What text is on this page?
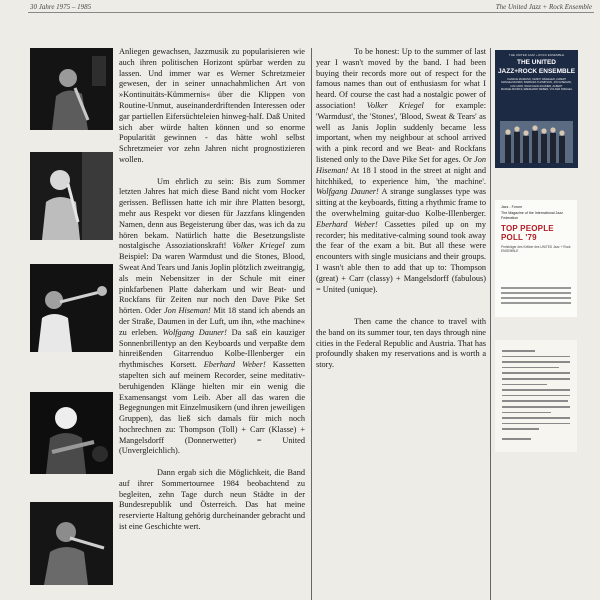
30 Jahre 1975 – 1985	The United Jazz + Rock Ensemble

Anliegen gewachsen, Jazzmusik zu popularisieren wie auch ihren politischen Horizont spürbar werden zu lassen. Und immer war es Werner Schretzmeier gewesen, der in seiner unnachahmlichen Art von »Kontinuitäts-Kümmernis« über die Klippen von Routine-Unmut, auseinanderdriftenden Interessen oder gar partiellen Eifersüchteleien hinweg-half. Daß United sich aber würde halten können und so enorme Popularität gewinnen - das hätte wohl selbst Schretzmeier vor zehn Jahren nicht prognostizieren wollen.

Um ehrlich zu sein: Bis zum Sommer letzten Jahres hat mich diese Band nicht vom Hocker gerissen. Beflissen hatte ich mir ihre Platten besorgt, mehr aus Respekt vor diesen für Jazzfans klingenden Namen, denn aus Begeisterung über das, was ich da zu hören bekam. Natürlich hatte die Besetzungsliste nostalgische Assoziationskraft! Volker Kriegel zum Beispiel: Da waren Warmdust und die Stones, Blood, Sweat And Tears und Janis Joplin plötzlich zweitrangig, als mein Nebensitzer in der Schule mit einer pinkfarbenen Platte daherkam und wir Beat- und Rockfans für Zeiten nur noch den Dave Pike Set hörten. Oder Jon Hiseman! Mit 18 stand ich abends an der Straße, Daumen in der Luft, um ihn, »the machine« zu erleben. Wolfgang Dauner! Da saß ein kauziger Sonnenbrillentyp an den Keyboards und verpaßte dem hinreißenden Gitarrenduo Kolbe-Illenberger ein rhythmisches Korsett. Eberhard Weber! Kassetten stapelten sich auf meinem Recorder, seine meditativ-beruhigenden Klänge hielten mir ein wenig die Examensangst vom Leib. Aber all das waren die Begegnungen mit Einzelmusikern (und ihren jeweiligen Gruppen), das ließ sich damals für mich noch hochrechnen zu: Thompson (Toll) + Carr (Klasse) + Mangelsdorff (Donnerwetter) = United (Unvergleichlich).

Dann ergab sich die Möglichkeit, die Band auf ihrer Sommertournee 1984 beobachtend zu begleiten, zehn Tage durch neun Städte in der Bundesrepublik und Österreich. Das hat meine reservierte Haltung gehörig durcheinander gebracht und ist eine Geschichte wert.

To be honest: Up to the summer of last year I wasn't moved by the band. I had been buying their records more out of respect for the famous names than out of enthusiasm for what I heard. Of course the cast had a nostalgic power of association! Volker Kriegel for example: 'Warmdust', the 'Stones', 'Blood, Sweat & Tears' as well as Janis Joplin suddenly became less important, when my neighbour at school arrived with a pink record and we Beat- and Rockfans listened only to the Dave Pike Set for ages. Or Jon Hiseman! At 18 I stood in the street at night and hitchhiked, to experience him, 'the machine'. Wolfgang Dauner! A strange sunglasses type was sitting at the keyboards, fitting a rhythmic frame to the overwhelming guitar-duo Kolbe-Illenberger. Eberhard Weber! Cassettes piled up on my recorder; his meditative-calming sound took away the fear of the exam a bit. But all these were encounters with single musicians and their groups. I wasn't able then to add that up to: Thompson (great) + Carr (classy) + Mangelsdorff (fabulous) = United (unique).

Then came the chance to travel with the band on its summer tour, ten days through nine cities in the Federal Republic and Austria. That has profoundly shaken my reservations and is worth a story.

THE UNITED JAZZ + ROCK ENSEMBLE
THE UNITED
JAZZ+ROCK ENSEMBLE
CHARLIE MARIANO, KENNY WHEELER, ALBERT MANGELSDORFF, BARBARA THOMPSON, JON HISEMAN, IAN CARR, WOLFGANG DAUNER, ALBERT MANGELSDORFF, EBERHARD WEBER, VOLKER KRIEGEL
Jazz - Forum
The Magazine of the International Jazz Federation
TOP PEOPLE POLL '79
Preisträger des Kritiker des UNITED Jazz + Rock ENSEMBLE
